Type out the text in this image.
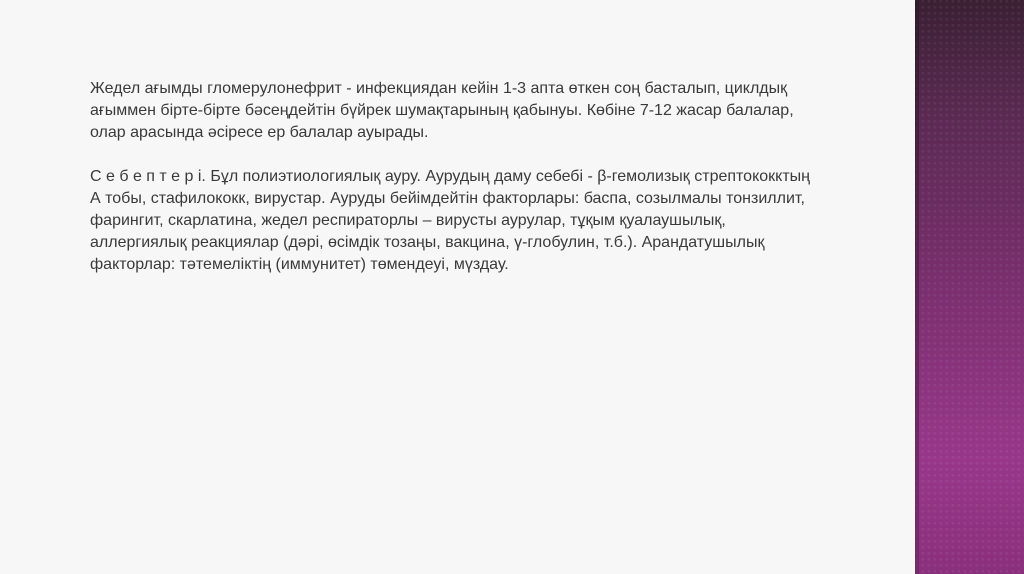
Жедел ағымды гломерулонефрит - инфекциядан кейін 1-3 апта өткен соң басталып, циклдық
ағыммен бірте-бірте бәсеңдейтін бүйрек шумақтарының қабынуы. Көбіне 7-12 жасар балалар,
олар арасында әсіресе ер балалар ауырады.

С е б е п т е р і. Бұл полиэтиологиялық ауру. Аурудың даму себебі - β-гемолизық стрептококктың
А тобы, стафилококк, вирустар. Ауруды бейімдейтін факторлары: баспа, созылмалы тонзиллит,
фарингит, скарлатина, жедел респираторлы – вирусты аурулар, тұқым қуалаушылық,
аллергиялық реакциялар (дәрі, өсімдік тозаңы, вакцина, γ-глобулин, т.б.). Арандатушылық
факторлар: тәтемеліктің (иммунитет) төмендеуі, мүздау.
